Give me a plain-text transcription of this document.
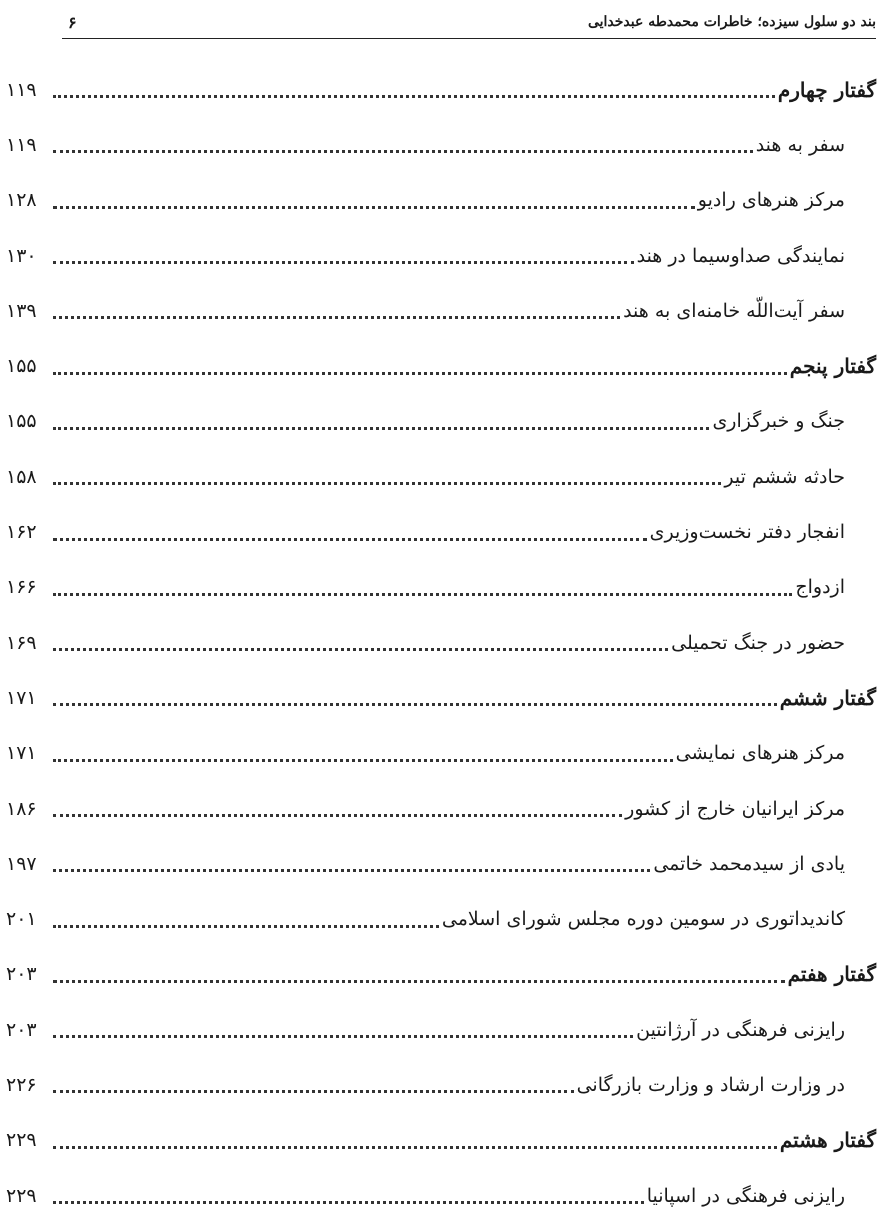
بند دو سلول سیزده؛ خاطرات محمدطه عبدخدایی
۶
گفتار چهارم
۱۱۹
سفر به هند
۱۱۹
مرکز هنرهای رادیو
۱۲۸
نمایندگی صداوسیما در هند
۱۳۰
سفر آیت‌اللّه خامنه‌ای به هند
۱۳۹
گفتار پنجم
۱۵۵
جنگ و خبرگزاری
۱۵۵
حادثه ششم تیر
۱۵۸
انفجار دفتر نخست‌وزیری
۱۶۲
ازدواج
۱۶۶
حضور در جنگ تحمیلی
۱۶۹
گفتار ششم
۱۷۱
مرکز هنرهای نمایشی
۱۷۱
مرکز ایرانیان خارج از کشور
۱۸۶
یادی از سیدمحمد خاتمی
۱۹۷
کاندیداتوری در سومین دوره مجلس شورای اسلامی
۲۰۱
گفتار هفتم
۲۰۳
رایزنی فرهنگی در آرژانتین
۲۰۳
در وزارت ارشاد و وزارت بازرگانی
۲۲۶
گفتار هشتم
۲۲۹
رایزنی فرهنگی در اسپانیا
۲۲۹
